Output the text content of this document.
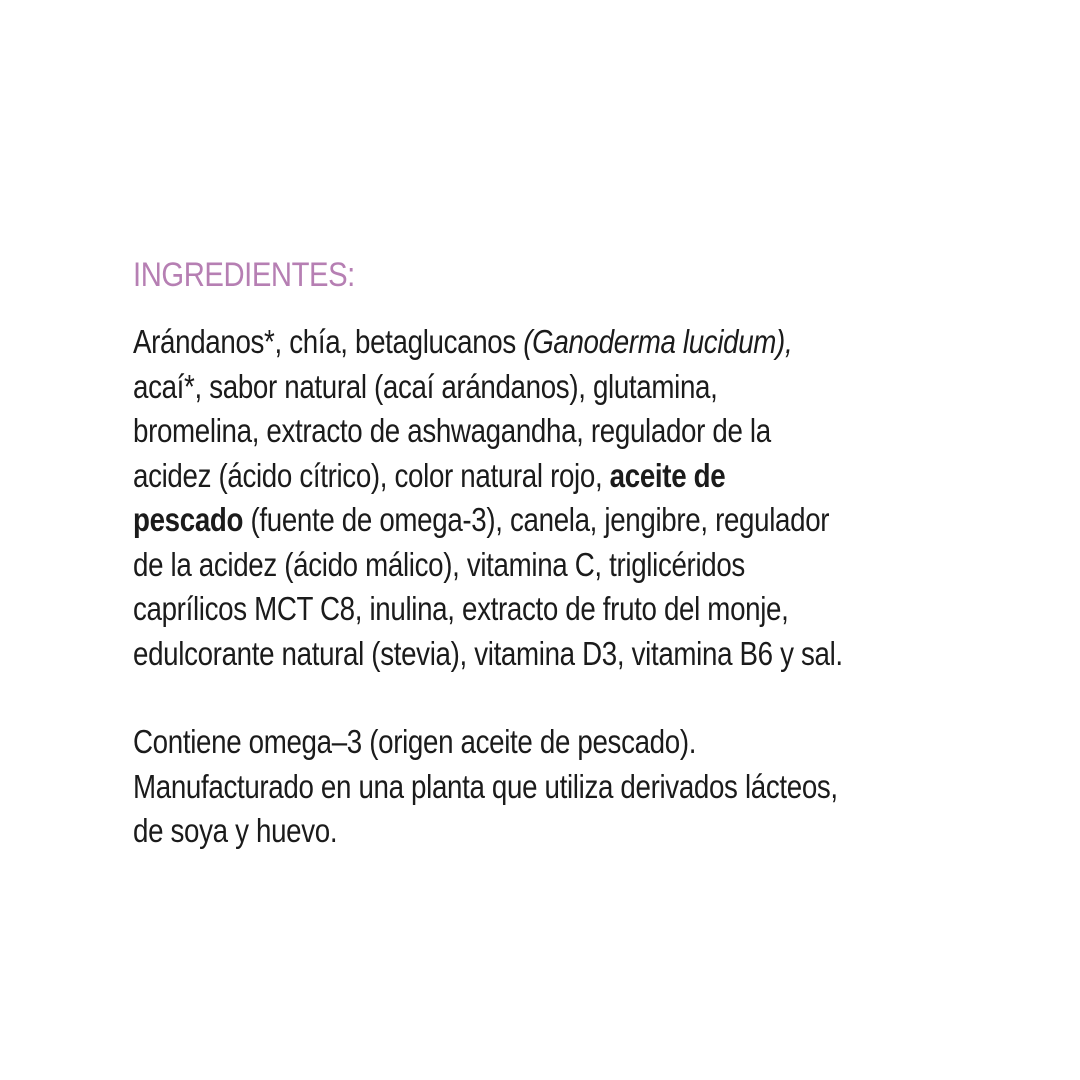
INGREDIENTES:

Arándanos*, chía, betaglucanos (Ganoderma lucidum),

acaí*, sabor natural (acaí arándanos), glutamina,

bromelina, extracto de ashwagandha, regulador de la

acidez (ácido cítrico), color natural rojo, aceite de

pescado (fuente de omega-3), canela, jengibre, regulador

de la acidez (ácido málico), vitamina C, triglicéridos

caprílicos MCT C8, inulina, extracto de fruto del monje,

edulcorante natural (stevia), vitamina D3, vitamina B6 y sal.

Contiene omega–3 (origen aceite de pescado).

Manufacturado en una planta que utiliza derivados lácteos,

de soya y huevo.
